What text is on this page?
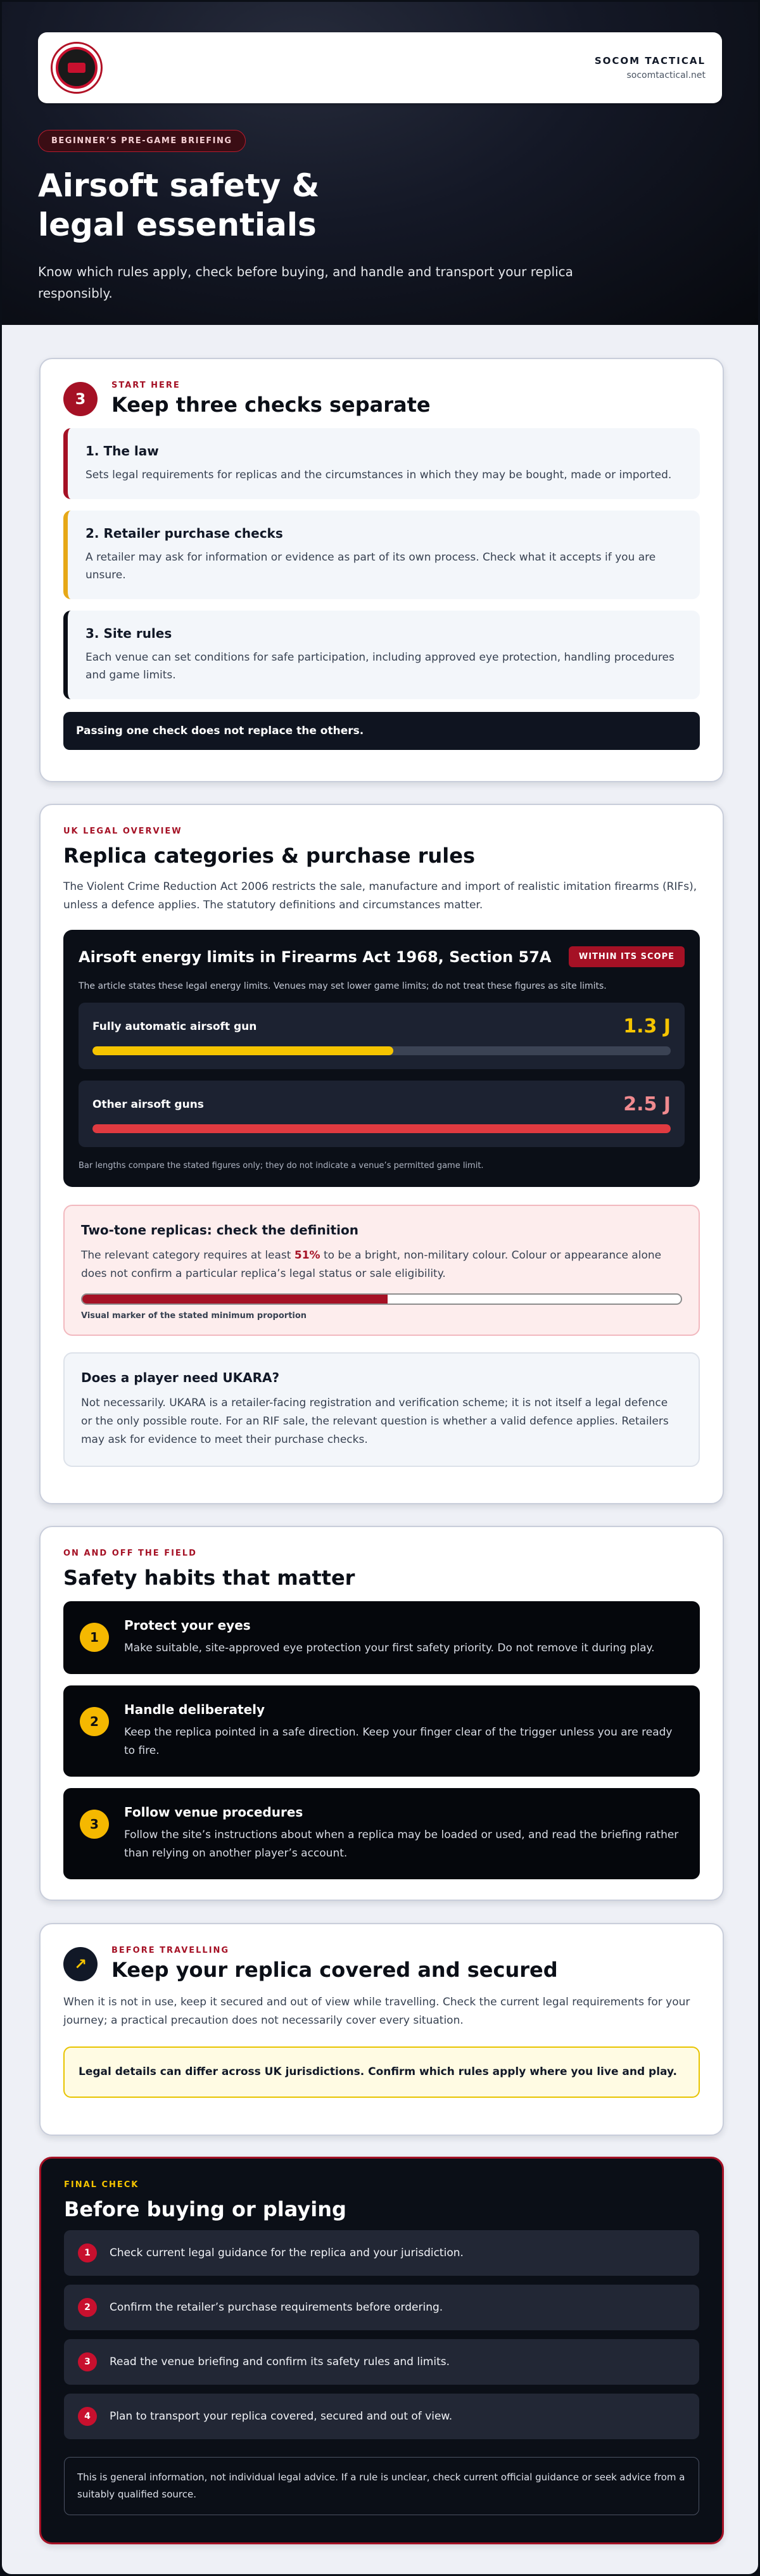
SOCOM TACTICAL
socomtactical.net
BEGINNER’S PRE-GAME BRIEFING
Airsoft safety &
legal essentials

Know which rules apply, check before buying, and handle and transport your replica responsibly.

3
START HERE
Keep three checks separate
1. The law

Sets legal requirements for replicas and the circumstances in which they may be bought, made or imported.

2. Retailer purchase checks

A retailer may ask for information or evidence as part of its own process. Check what it accepts if you are unsure.

3. Site rules

Each venue can set conditions for safe participation, including approved eye protection, handling procedures and game limits.

Passing one check does not replace the others.
UK LEGAL OVERVIEW
Replica categories & purchase rules

The Violent Crime Reduction Act 2006 restricts the sale, manufacture and import of realistic imitation firearms (RIFs), unless a defence applies. The statutory definitions and circumstances matter.

Airsoft energy limits in Firearms Act 1968, Section 57A	WITHIN ITS SCOPE
The article states these legal energy limits. Venues may set lower game limits; do not treat these figures as site limits.
Fully automatic airsoft gun	1.3 J
Other airsoft guns	2.5 J
Bar lengths compare the stated figures only; they do not indicate a venue’s permitted game limit.
Two-tone replicas: check the definition

The relevant category requires at least 51% to be a bright, non-military colour. Colour or appearance alone does not confirm a particular replica’s legal status or sale eligibility.

Visual marker of the stated minimum proportion
Does a player need UKARA?

Not necessarily. UKARA is a retailer-facing registration and verification scheme; it is not itself a legal defence or the only possible route. For an RIF sale, the relevant question is whether a valid defence applies. Retailers may ask for evidence to meet their purchase checks.

ON AND OFF THE FIELD
Safety habits that matter
1
Protect your eyes

Make suitable, site-approved eye protection your first safety priority. Do not remove it during play.

2
Handle deliberately

Keep the replica pointed in a safe direction. Keep your finger clear of the trigger unless you are ready to fire.

3
Follow venue procedures

Follow the site’s instructions about when a replica may be loaded or used, and read the briefing rather than relying on another player’s account.

↗
BEFORE TRAVELLING
Keep your replica covered and secured

When it is not in use, keep it secured and out of view while travelling. Check the current legal requirements for your journey; a practical precaution does not necessarily cover every situation.

Legal details can differ across UK jurisdictions. Confirm which rules apply where you live and play.
FINAL CHECK
Before buying or playing
1	Check current legal guidance for the replica and your jurisdiction.
2	Confirm the retailer’s purchase requirements before ordering.
3	Read the venue briefing and confirm its safety rules and limits.
4	Plan to transport your replica covered, secured and out of view.
This is general information, not individual legal advice. If a rule is unclear, check current official guidance or seek advice from a suitably qualified source.
